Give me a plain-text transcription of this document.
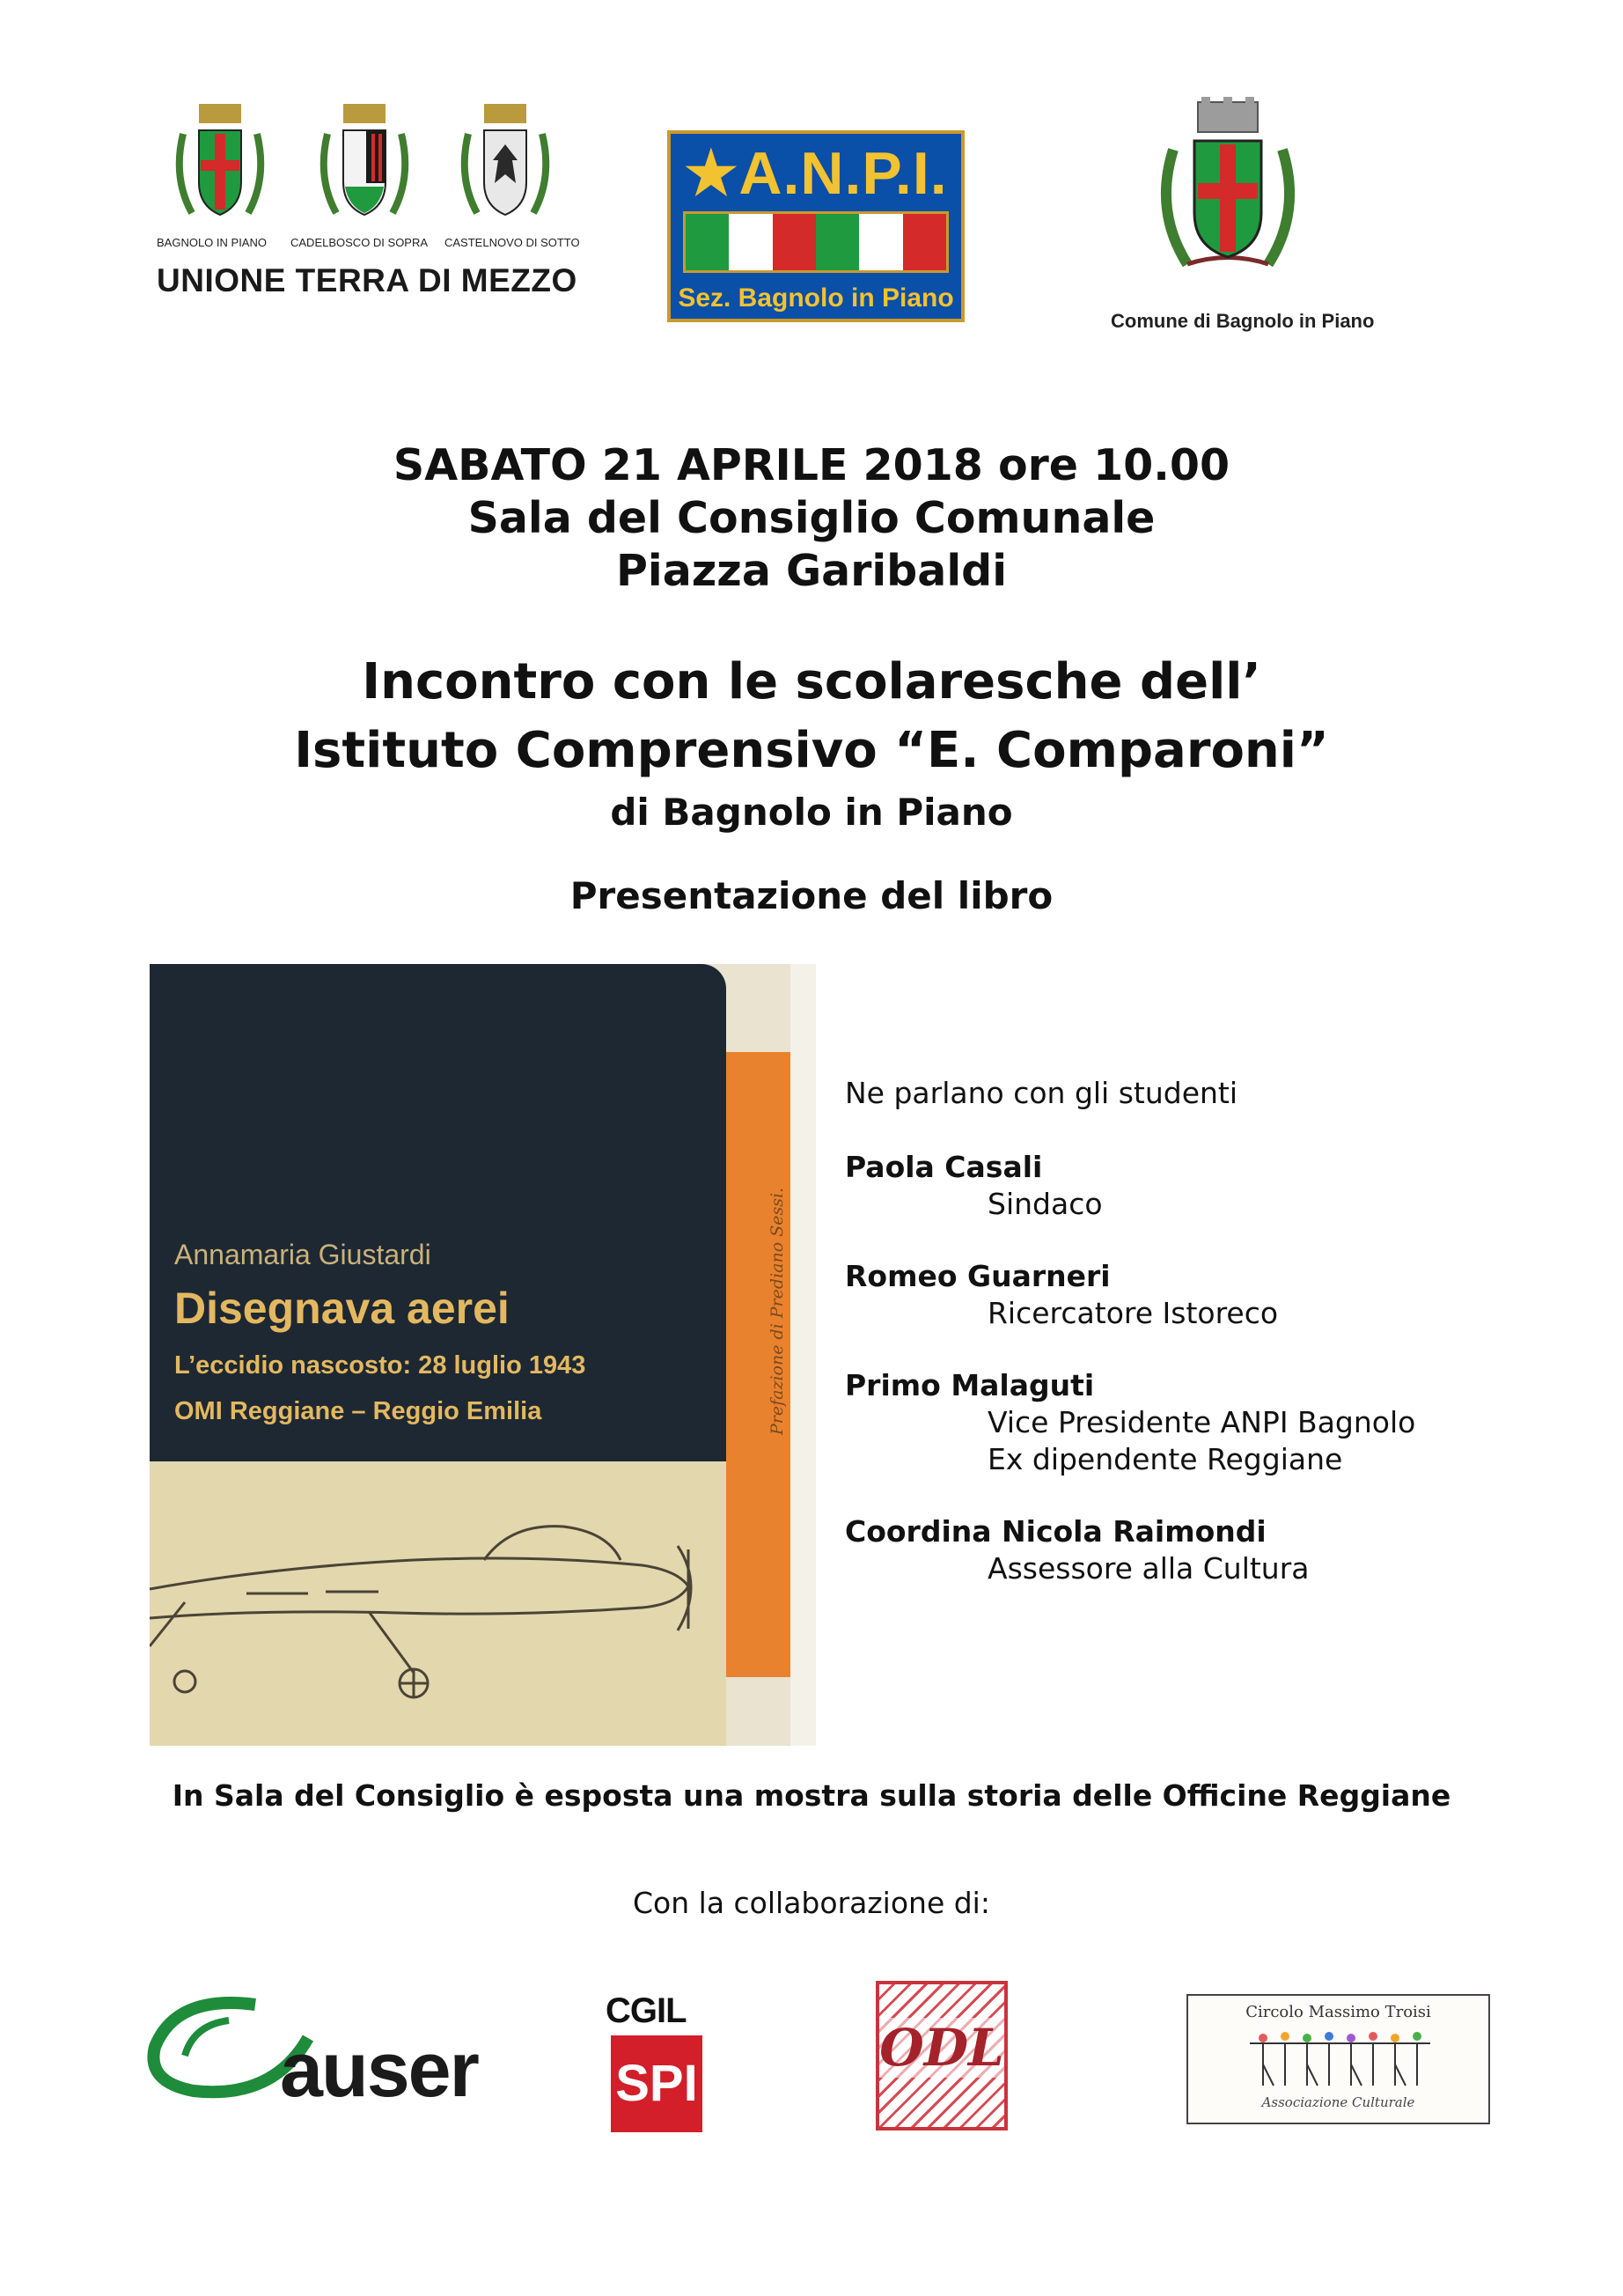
BAGNOLO IN PIANO CADELBOSCO DI SOPRA CASTELNOVO DI SOTTO
UNIONE TERRA DI MEZZO
★A.N.P.I.
Sez. Bagnolo in Piano
Comune di Bagnolo in Piano
SABATO 21 APRILE 2018 ore 10.00
Sala del Consiglio Comunale
Piazza Garibaldi
Incontro con le scolaresche dell’
Istituto Comprensivo “E. Comparoni”
di Bagnolo in Piano
Presentazione del libro
Annamaria Giustardi
Disegnava aerei
L’eccidio nascosto: 28 luglio 1943
OMI Reggiane – Reggio Emilia	Prefazione di Prediano Sessi.
Ne parlano con gli studenti
Paola Casali
Sindaco
Romeo Guarneri
Ricercatore Istoreco
Primo Malaguti
Vice Presidente ANPI Bagnolo
Ex dipendente Reggiane
Coordina Nicola Raimondi
Assessore alla Cultura
In Sala del Consiglio è esposta una mostra sulla storia delle Officine Reggiane
Con la collaborazione di:
auser
CGIL
SPI
ODL
Circolo Massimo Troisi
Associazione Culturale
